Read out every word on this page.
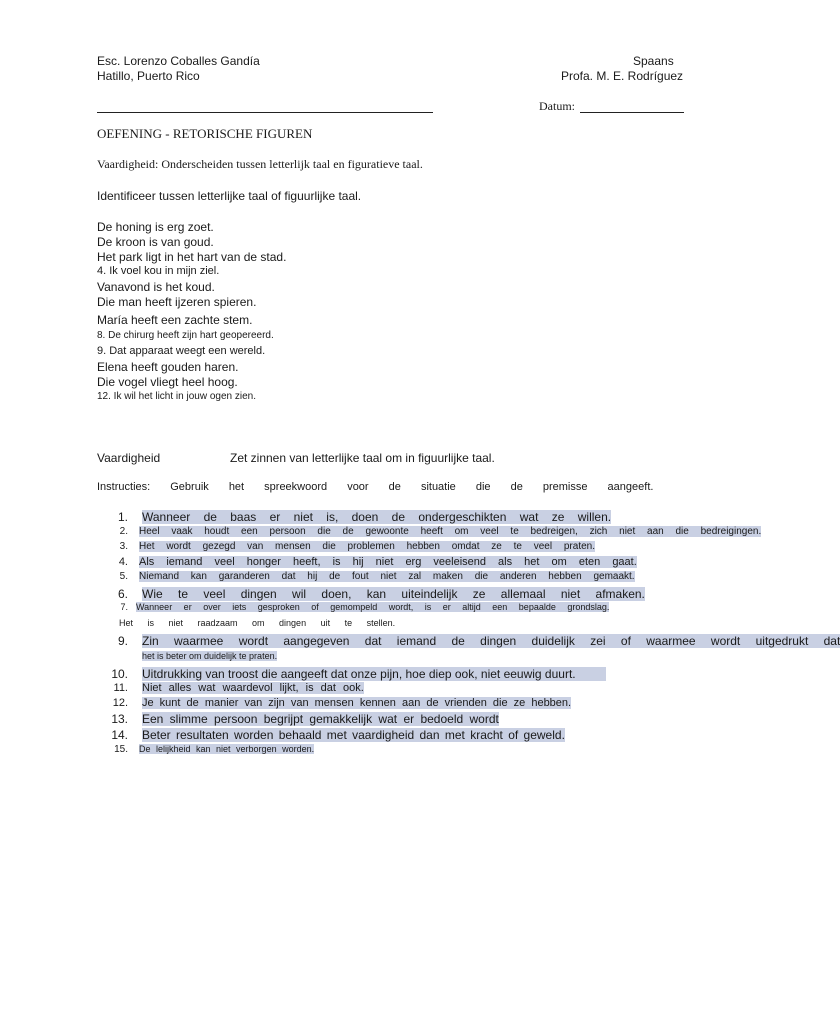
Esc. Lorenzo Coballes Gandía
Hatillo, Puerto Rico
Spaans
Profa. M. E. Rodríguez
Datum:
OEFENING - RETORISCHE FIGUREN
Vaardigheid: Onderscheiden tussen letterlijk taal en figuratieve taal.
Identificeer tussen letterlijke taal of figuurlijke taal.
De honing is erg zoet.
De kroon is van goud.
Het park ligt in het hart van de stad.
4. Ik voel kou in mijn ziel.
Vanavond is het koud.
Die man heeft ijzeren spieren.
María heeft een zachte stem.
8. De chirurg heeft zijn hart geopereerd.
9. Dat apparaat weegt een wereld.
Elena heeft gouden haren.
Die vogel vliegt heel hoog.
12. Ik wil het licht in jouw ogen zien.
Vaardigheid	Zet zinnen van letterlijke taal om in figuurlijke taal.
Instructies: Gebruik het spreekwoord voor de situatie die de premisse aangeeft.
1. Wanneer de baas er niet is, doen de ondergeschikten wat ze willen.
2. Heel vaak houdt een persoon die de gewoonte heeft om veel te bedreigen, zich niet aan die bedreigingen.
3. Het wordt gezegd van mensen die problemen hebben omdat ze te veel praten.
4. Als iemand veel honger heeft, is hij niet erg veeleisend als het om eten gaat.
5. Niemand kan garanderen dat hij de fout niet zal maken die anderen hebben gemaakt.
6. Wie te veel dingen wil doen, kan uiteindelijk ze allemaal niet afmaken.
7. Wanneer er over iets gesproken of gemompeld wordt, is er altijd een bepaalde grondslag.
Het is niet raadzaam om dingen uit te stellen.
9. Zin waarmee wordt aangegeven dat iemand de dingen duidelijk zei of waarmee wordt uitgedrukt dat
het is beter om duidelijk te praten.
10. Uitdrukking van troost die aangeeft dat onze pijn, hoe diep ook, niet eeuwig duurt.
11. Niet alles wat waardevol lijkt, is dat ook.
12. Je kunt de manier van zijn van mensen kennen aan de vrienden die ze hebben.
13. Een slimme persoon begrijpt gemakkelijk wat er bedoeld wordt
14. Beter resultaten worden behaald met vaardigheid dan met kracht of geweld.
15. De lelijkheid kan niet verborgen worden.
